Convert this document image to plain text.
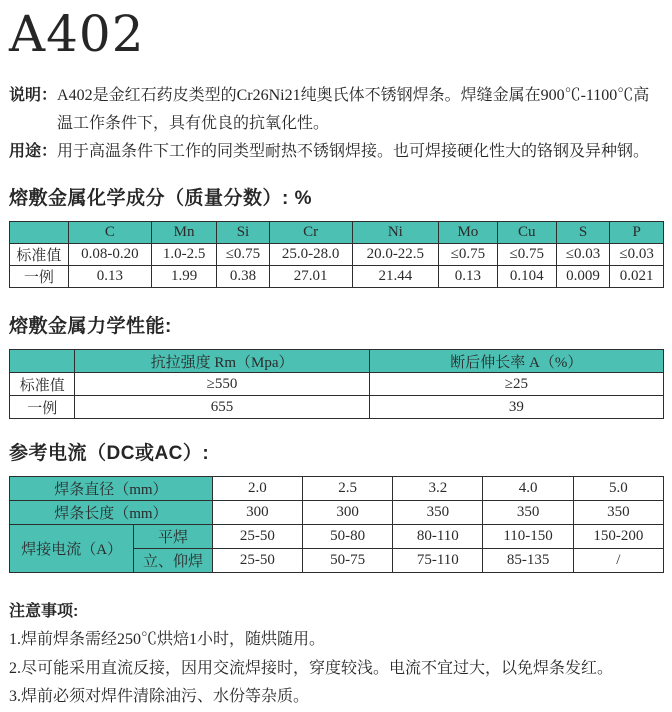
A402
说明： A402是金红石药皮类型的Cr26Ni21纯奥氏体不锈钢焊条。焊缝金属在900℃-1100℃高温工作条件下，具有优良的抗氧化性。
用途： 用于高温条件下工作的同类型耐热不锈钢焊接。也可焊接硬化性大的铬钢及异种钢。
熔敷金属化学成分（质量分数）: %
	C	Mn	Si	Cr	Ni	Mo	Cu	S	P
标准值	0.08-0.20	1.0-2.5	≤0.75	25.0-28.0	20.0-22.5	≤0.75	≤0.75	≤0.03	≤0.03
一例	0.13	1.99	0.38	27.01	21.44	0.13	0.104	0.009	0.021
熔敷金属力学性能:
	抗拉强度 Rm（Mpa）	断后伸长率 A（%）
标准值	≥550	≥25
一例	655	39
参考电流（DC或AC）:
焊条直径（mm）		2.0	2.5	3.2	4.0	5.0
焊条长度（mm）		300	300	350	350	350
焊接电流（A）	平焊	25-50	50-80	80-110	110-150	150-200
	立、仰焊	25-50	50-75	75-110	85-135	/
注意事项:
1.焊前焊条需经250℃烘焙1小时，随烘随用。
2.尽可能采用直流反接，因用交流焊接时，穿度较浅。电流不宜过大，以免焊条发红。
3.焊前必须对焊件清除油污、水份等杂质。
